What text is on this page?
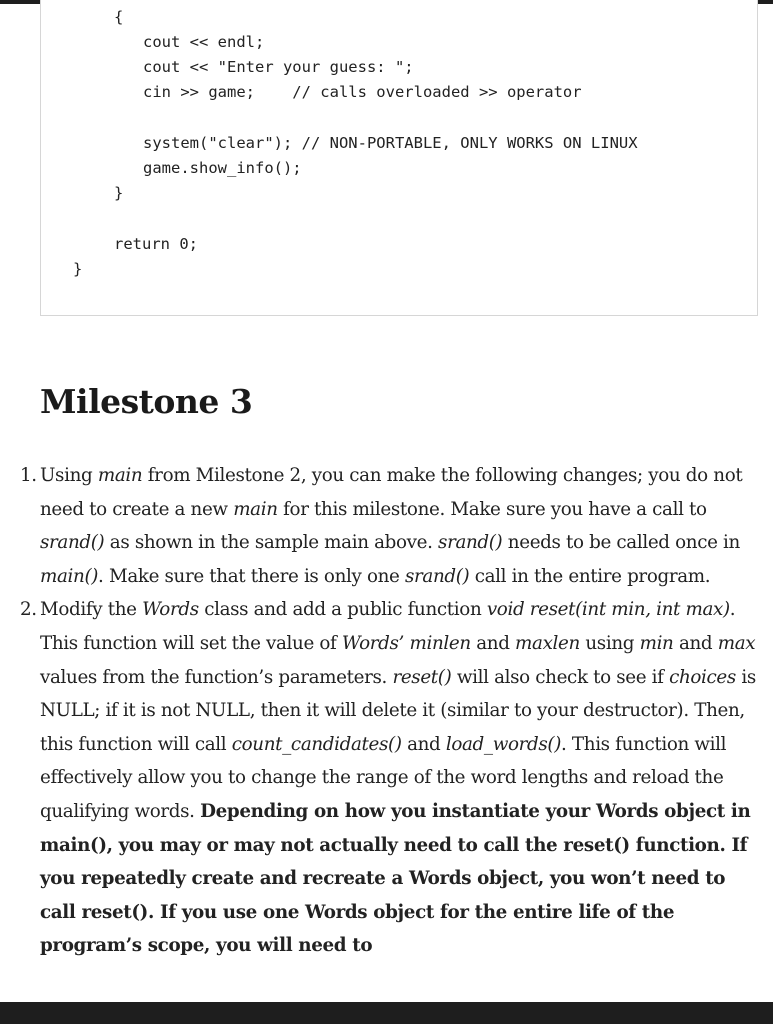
{
cout << endl;
cout << "Enter your guess: ";
cin >> game;    // calls overloaded >> operator
system("clear"); // NON-PORTABLE, ONLY WORKS ON LINUX
game.show_info();
}
return 0;
}
Milestone 3
1. Using main from Milestone 2, you can make the following changes; you do not need to create a new main for this milestone. Make sure you have a call to srand() as shown in the sample main above. srand() needs to be called once in main(). Make sure that there is only one srand() call in the entire program.
2. Modify the Words class and add a public function void reset(int min, int max). This function will set the value of Words’ minlen and maxlen using min and max values from the function’s parameters. reset() will also check to see if choices is NULL; if it is not NULL, then it will delete it (similar to your destructor). Then, this function will call count_candidates() and load_words(). This function will effectively allow you to change the range of the word lengths and reload the qualifying words. Depending on how you instantiate your Words object in main(), you may or may not actually need to call the reset() function. If you repeatedly create and recreate a Words object, you won’t need to call reset(). If you use one Words object for the entire life of the program’s scope, you will need to
